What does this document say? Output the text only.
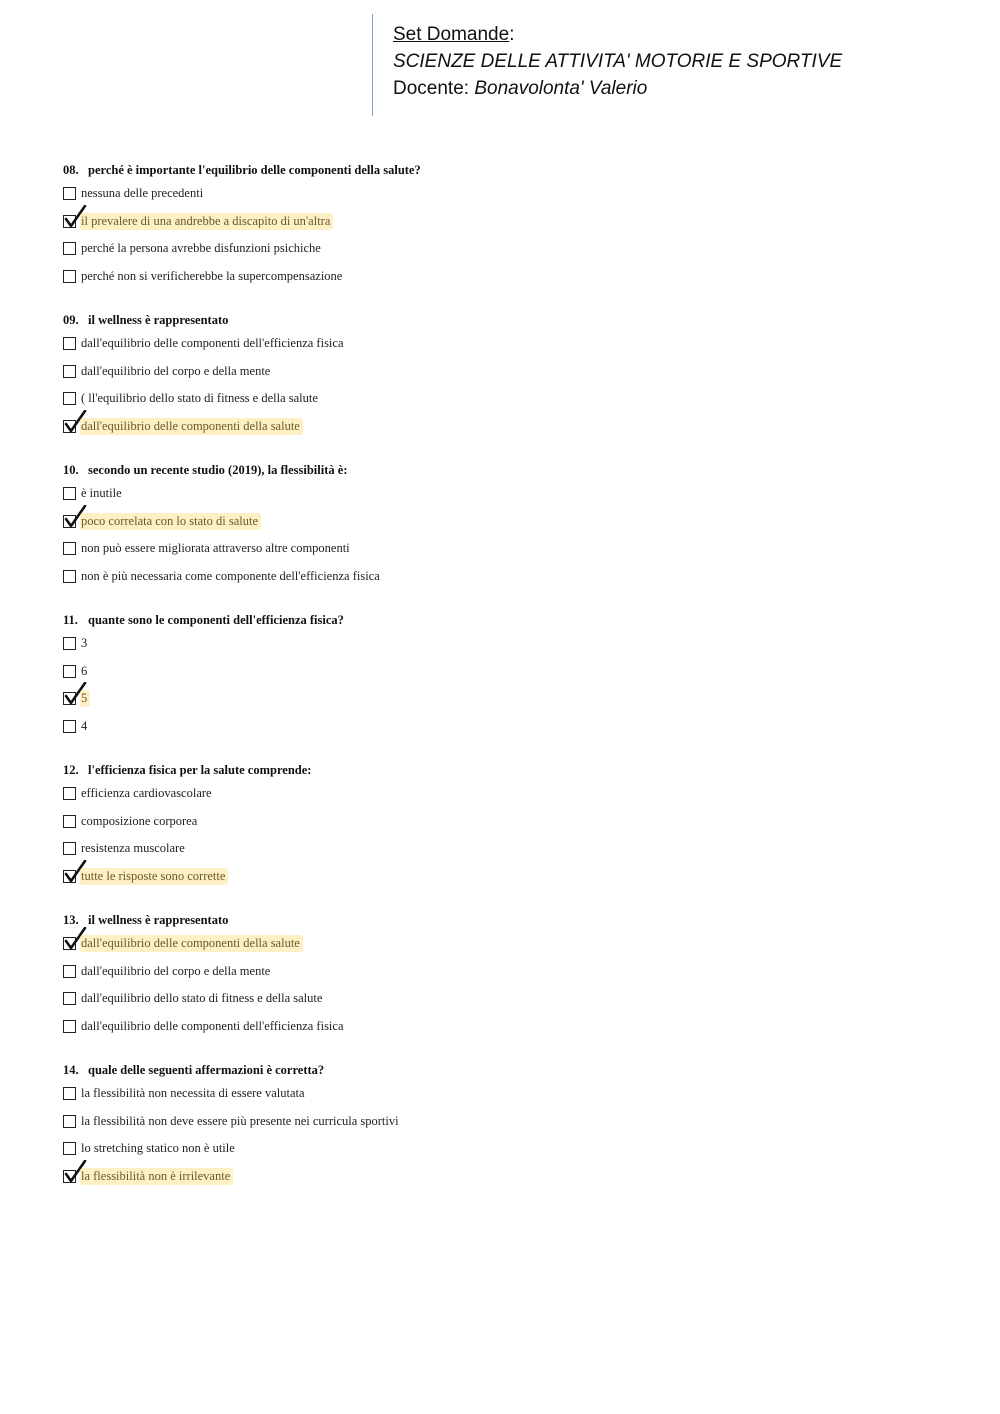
Set Domande:
SCIENZE DELLE ATTIVITA' MOTORIE E SPORTIVE
Docente: Bonavolonta' Valerio
08. perché è importante l'equilibrio delle componenti della salute?
nessuna delle precedenti
il prevalere di una andrebbe a discapito di un'altra
perché la persona avrebbe disfunzioni psichiche
perché non si verificherebbe la supercompensazione
09. il wellness è rappresentato
dall'equilibrio delle componenti dell'efficienza fisica
dall'equilibrio del corpo e della mente
( ll'equilibrio dello stato di fitness e della salute
dall'equilibrio delle componenti della salute
10. secondo un recente studio (2019), la flessibilità è:
è inutile
poco correlata con lo stato di salute
non può essere migliorata attraverso altre componenti
non è più necessaria come componente dell'efficienza fisica
11. quante sono le componenti dell'efficienza fisica?
3
6
5
4
12. l'efficienza fisica per la salute comprende:
efficienza cardiovascolare
composizione corporea
resistenza muscolare
tutte le risposte sono corrette
13. il wellness è rappresentato
dall'equilibrio delle componenti della salute
dall'equilibrio del corpo e della mente
dall'equilibrio dello stato di fitness e della salute
dall'equilibrio delle componenti dell'efficienza fisica
14. quale delle seguenti affermazioni è corretta?
la flessibilità non necessita di essere valutata
la flessibilità non deve essere più presente nei curricula sportivi
lo stretching statico non è utile
la flessibilità non è irrilevante
